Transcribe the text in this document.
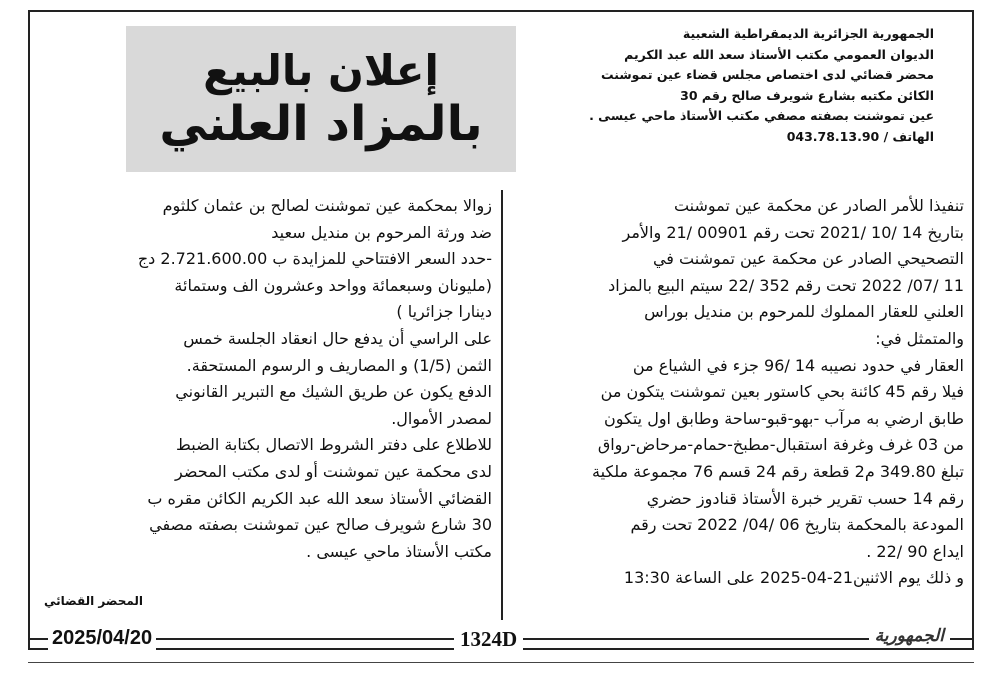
الجمهورية الجزائرية الديمقراطية الشعبية
الديوان العمومي مكتب الأستاذ سعد الله عبد الكريم
محضر قضائي لدى اختصاص مجلس قضاء عين تموشنت
الكائن مكتبه بشارع شويرف صالح رقم 30
عين تموشنت بصفته مصفي مكتب الأستاذ ماحي عيسى .
الهاتف / 043.78.13.90
إعلان بالبيع
بالمزاد العلني

تنفيذا للأمر الصادر عن محكمة عين تموشنت

بتاريخ 14 /10 /2021 تحت رقم 00901 /21 والأمر

التصحيحي الصادر عن محكمة عين تموشنت في

11 /07/ 2022 تحت رقم 352 /22 سيتم البيع بالمزاد

العلني للعقار المملوك للمرحوم بن منديل بوراس

والمتمثل في:

العقار في حدود نصيبه 14 /96 جزء في الشياع من

فيلا رقم 45 كائنة بحي كاستور بعين تموشنت يتكون من

طابق ارضي به مرآب -بهو-قبو-ساحة وطابق اول يتكون

من 03 غرف وغرفة استقبال-مطبخ-حمام-مرحاض-رواق

تبلغ 349.80 م2 قطعة رقم 24 قسم 76 مجموعة ملكية

رقم 14 حسب تقرير خبرة الأستاذ قنادوز حضري

المودعة بالمحكمة بتاريخ 06 /04/ 2022 تحت رقم

ايداع 90 /22 .

و ذلك يوم الاثنين21-04-2025 على الساعة 13:30

زوالا بمحكمة عين تموشنت لصالح بن عثمان كلثوم

ضد ورثة المرحوم بن منديل سعيد

-حدد السعر الافتتاحي للمزايدة ب 2.721.600.00 دج

(مليونان وسبعمائة وواحد وعشرون الف وستمائة

دينارا جزائريا )

على الراسي أن يدفع حال انعقاد الجلسة خمس

الثمن (1/5) و المصاريف و الرسوم المستحقة.

الدفع يكون عن طريق الشيك مع التبرير القانوني

لمصدر الأموال.

للاطلاع على دفتر الشروط الاتصال بكتابة الضبط

لدى محكمة عين تموشنت أو لدى مكتب المحضر

القضائي الأستاذ سعد الله عبد الكريم الكائن مقره ب

30 شارع شويرف صالح عين تموشنت بصفته مصفي

مكتب الأستاذ ماحي عيسى .

المحضر القضائي
2025/04/20	1324D	الجمهورية
